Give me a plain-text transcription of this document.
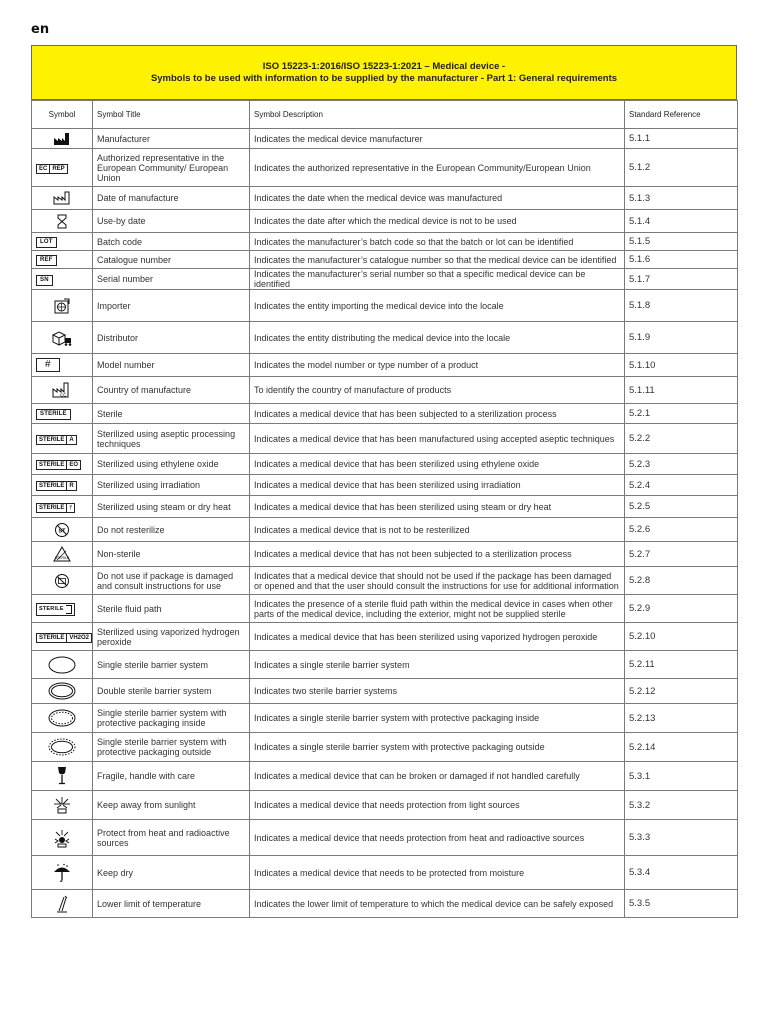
en
ISO 15223-1:2016/ISO 15223-1:2021 – Medical device -
Symbols to be used with information to be supplied by the manufacturer - Part 1: General requirements
Symbol	Symbol Title	Symbol Description	Standard Reference

	Manufacturer	Indicates the medical device manufacturer	5.1.1

EC REP	Authorized representative in the European Community/ European Union	Indicates the authorized representative in the European Community/European Union	5.1.2

	Date of manufacture	Indicates the date when the medical device was manufactured	5.1.3

	Use-by date	Indicates the date after which the medical device is not to be used	5.1.4
LOT	Batch code	Indicates the manufacturer’s batch code so that the batch or lot can be identified	5.1.5
REF	Catalogue number	Indicates the manufacturer’s catalogue number so that the medical device can be identified	5.1.6
SN	Serial number	Indicates the manufacturer’s serial number so that a specific medical device can be identified	5.1.7

	Importer	Indicates the entity importing the medical device into the locale	5.1.8

	Distributor	Indicates the entity distributing the medical device into the locale	5.1.9
#	Model number	Indicates the model number or type number of a product	5.1.10

CC	Country of manufacture	To identify the country of manufacture of products	5.1.11
STERILE	Sterile	Indicates a medical device that has been subjected to a sterilization process	5.2.1

STERILE A	Sterilized using aseptic processing techniques	Indicates a medical device that has been manufactured using accepted aseptic techniques	5.2.2

STERILE EO	Sterilized using ethylene oxide	Indicates a medical device that has been sterilized using ethylene oxide	5.2.3

STERILE R	Sterilized using irradiation	Indicates a medical device that has been sterilized using irradiation	5.2.4

STERILE ⫯	Sterilized using steam or dry heat	Indicates a medical device that has been sterilized using steam or dry heat	5.2.5

ST	Do not resterilize	Indicates a medical device that is not to be resterilized	5.2.6

STERILE	Non-sterile	Indicates a medical device that has not been subjected to a sterilization process	5.2.7

	Do not use if package is damaged and consult instructions for use	Indicates that a medical device that should not be used if the package has been damaged or opened and that the user should consult the instructions for use for additional information	5.2.8
STERILE	Sterile fluid path	Indicates the presence of a sterile fluid path within the medical device in cases when other parts of the medical device, including the exterior, might not be supplied sterile	5.2.9

STERILE VH2O2	Sterilized using vaporized hydrogen peroxide	Indicates a medical device that has been sterilized using vaporized hydrogen peroxide	5.2.10

	Single sterile barrier system	Indicates a single sterile barrier system	5.2.11

	Double sterile barrier system	Indicates two sterile barrier systems	5.2.12

	Single sterile barrier system with protective packaging inside	Indicates a single sterile barrier system with protective packaging inside	5.2.13

	Single sterile barrier system with protective packaging outside	Indicates a single sterile barrier system with protective packaging outside	5.2.14

	Fragile, handle with care	Indicates a medical device that can be broken or damaged if not handled carefully	5.3.1

	Keep away from sunlight	Indicates a medical device that needs protection from light sources	5.3.2

	Protect from heat and radioactive sources	Indicates a medical device that needs protection from heat and radioactive sources	5.3.3

	Keep dry	Indicates a medical device that needs to be protected from moisture	5.3.4

	Lower limit of temperature	Indicates the lower limit of temperature to which the medical device can be safely exposed	5.3.5
